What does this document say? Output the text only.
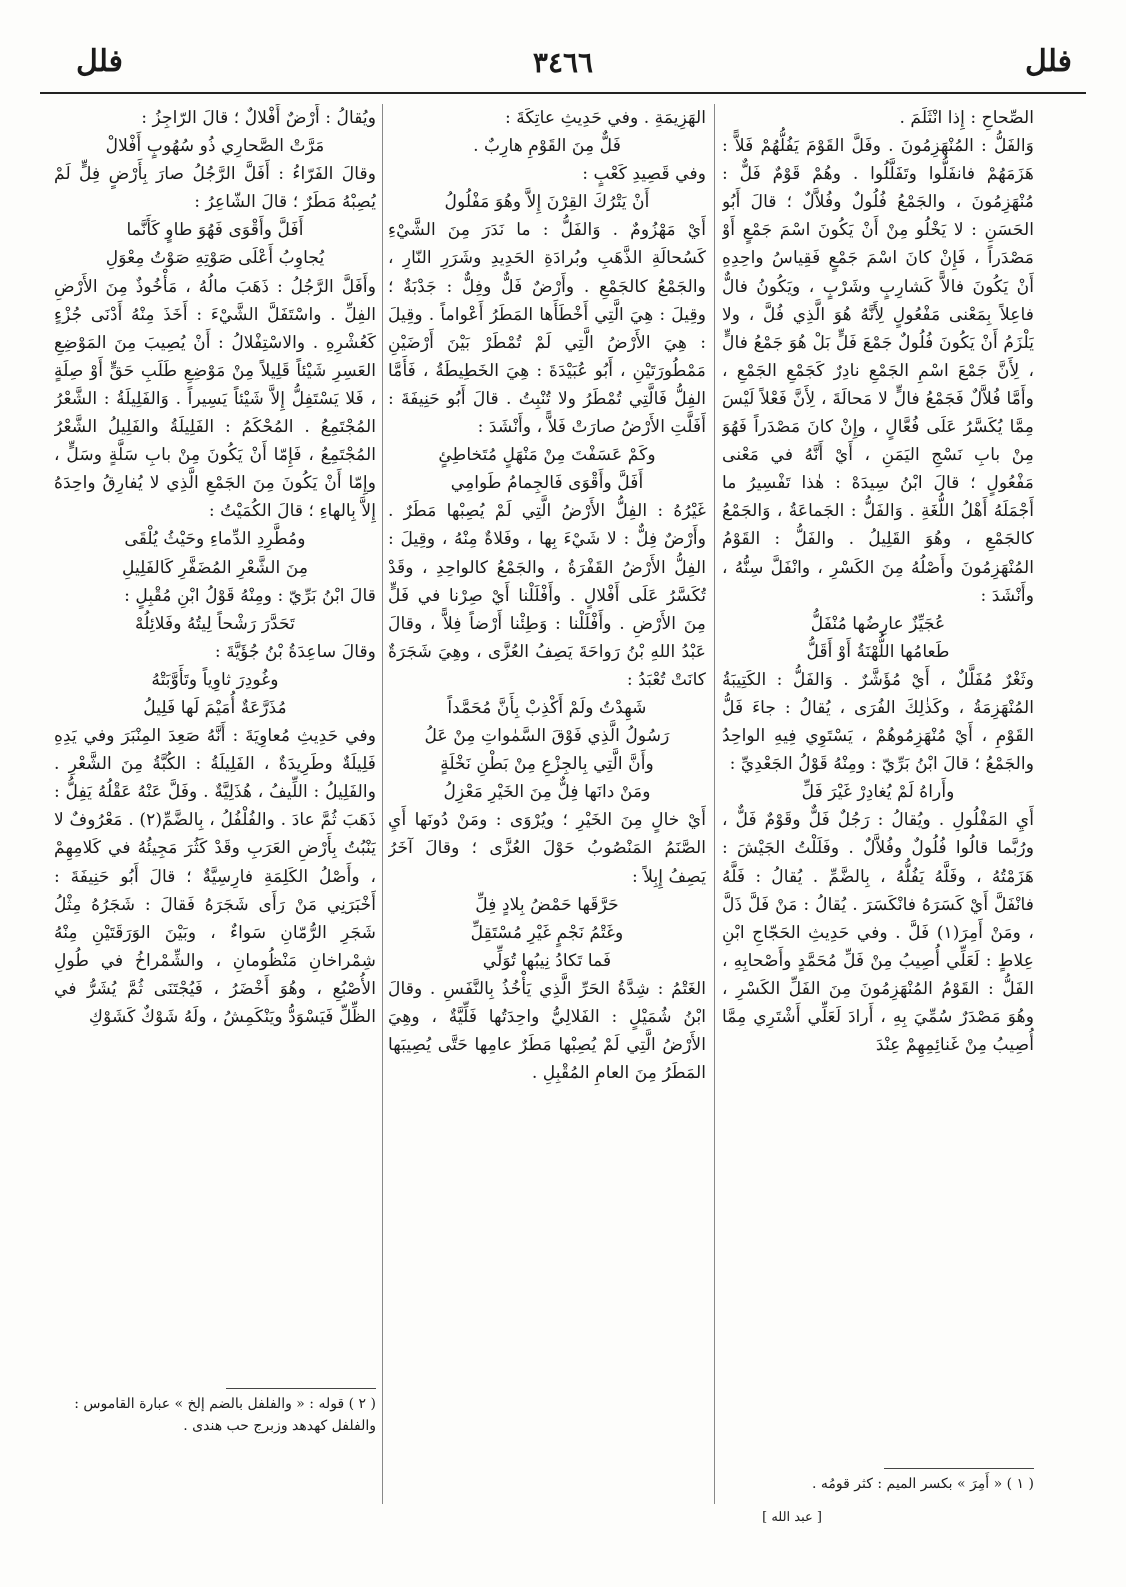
فلل
٣٤٦٦
فلل

الصِّحاحِ : إِذا انْثَلَمَ .

وَالفَلُّ : المُنْهَزِمُونَ . وفَلَّ القَوْمَ يَفُلُّهُمْ فَلاًّ : هَزَمَهُمْ فانفَلُّوا وتَفَلَّلُوا . وهُمْ قَوْمٌ فَلٌّ : مُنْهَزِمُونَ ، والجَمْعُ فُلُولٌ وفُلاَّلٌ ؛ قالَ أَبُو الحَسَنِ : لا يَخْلُو مِنْ أَنْ يَكُونَ اسْمَ جَمْعٍ أَوْ مَصْدَراً ، فَإِنْ كانَ اسْمَ جَمْعٍ فَقِياسُ واحِدِهِ أَنْ يَكُونَ فالاًّ كَشارِبٍ وشَرْبٍ ، ويَكُونُ فالٌّ فاعِلاً بِمَعْنى مَفْعُولٍ لِأَنَّهُ هُوَ الَّذِي فُلَّ ، ولا يَلْزَمُ أَنْ يَكُونَ فُلُولٌ جَمْعَ فَلٍّ بَلْ هُوَ جَمْعُ فالٍّ ، لِأَنَّ جَمْعَ اسْمِ الجَمْعِ نادِرٌ كَجَمْعِ الجَمْعِ ، وأَمَّا فُلاَّلٌ فَجَمْعُ فالٍّ لا مَحالَةَ ، لِأَنَّ فَعْلاً لَيْسَ مِمَّا يُكَسَّرُ عَلَى فُعَّالٍ ، وإِنْ كانَ مَصْدَراً فَهُوَ مِنْ بابِ نَسْجِ اليَمَنِ ، أَيْ أَنَّهُ في مَعْنى مَفْعُولٍ ؛ قالَ ابْنُ سِيدَهْ : هٰذا تَفْسِيرُ ما أَجْمَلَهُ أَهْلُ اللُّغَةِ . وَالفَلُّ : الجَماعَةُ ، وَالجَمْعُ كالجَمْعِ ، وهُوَ القَلِيلُ . والفَلُّ : القَوْمُ المُنْهَزِمُونَ وأَصْلُهُ مِنَ الكَسْرِ ، وانْفَلَّ سِنُّهُ ، وأَنْشَدَ :

عُجَيِّزٌ عارِضُها مُنْفَلُّ

طَعامُها اللُّهْنَةُ أَوْ أَقَلُّ

وثَغْرٌ مُفَلَّلٌ ، أَيْ مُؤَشَّرٌ . وَالفَلُّ : الكَتِيبَةُ المُنْهَزِمَةُ ، وكَذٰلِكَ الفُرَى ، يُقالُ : جاءَ فَلُّ القَوْمِ ، أَيْ مُنْهَزِمُوهُمْ ، يَسْتَوِي فِيهِ الواحِدُ والجَمْعُ ؛ قالَ ابْنُ بَرِّيّ : ومِنْهُ قَوْلُ الجَعْدِيِّ :

وأَراهُ لَمْ يُغادِرْ غَيْرَ فَلِّ

أَيِ المَفْلُولِ . ويُقالُ : رَجُلٌ فَلٌّ وقَوْمٌ فَلٌّ ، ورُبَّما قالُوا فُلُولٌ وفُلاَّلٌ . وفَلَلْتُ الجَيْشَ : هَزَمْتُهُ ، وفَلَّهُ يَفُلُّهُ ، بِالضَّمِّ . يُقالُ : فَلَّهُ فانْفَلَّ أَيْ كَسَرَهُ فانْكَسَرَ . يُقالُ : مَنْ فَلَّ ذَلَّ ، ومَنْ أَمِرَ(١) فَلَّ . وفي حَدِيثِ الحَجّاجِ ابْنِ عِلاطٍ : لَعَلِّي أُصِيبُ مِنْ فَلِّ مُحَمَّدٍ وأَصْحابِهِ ، الفَلُّ : القَوْمُ المُنْهَزِمُونَ مِنَ الفَلِّ الكَسْرِ ، وهُوَ مَصْدَرٌ سُمِّيَ بِهِ ، أَرادَ لَعَلِّي أَشْتَرِي مِمَّا أُصِيبُ مِنْ غَنائِمِهِمْ عِنْدَ

الهَزِيمَةِ . وفي حَدِيثِ عاتِكَةَ :

فَلٌّ مِنَ القَوْمِ هارِبٌ .

وفي قَصِيدِ كَعْبٍ :

أَنْ يَتْرُكَ القِرْنَ إِلاَّ وهُوَ مَفْلُولُ

أَيْ مَهْزُومٌ . وَالفَلُّ : ما نَدَرَ مِنَ الشَّيْءِ كَسُحالَةِ الذَّهَبِ وبُرادَةِ الحَدِيدِ وشَرَرِ النّارِ ، والجَمْعُ كالجَمْعِ . وأَرْضٌ فَلٌّ وفِلٌّ : جَدْبَةٌ ؛ وقِيلَ : هِيَ الَّتِي أَخْطَأَها المَطَرُ أَعْواماً . وقِيلَ : هِيَ الأَرْضُ الَّتِي لَمْ تُمْطَرْ بَيْنَ أَرْضَيْنِ مَمْطُورَتَيْنِ ، أَبُو عُبَيْدَةَ : هِيَ الخَطِيطَةُ ، فَأَمَّا الفِلُّ فَالَّتِي تُمْطَرُ ولا تُنْبِتُ . قالَ أَبُو حَنِيفَةَ : أَفَلَّتِ الأَرْضُ صارَتْ فَلاًّ ، وأَنْشَدَ :

وكَمْ عَسَفْتَ مِنْ مَنْهَلٍ مُتَخاطِئٍ

أَفَلَّ وأَقْوَى فَالجِمامُ طَوامِي

غَيْرُهُ : الفِلُّ الأَرْضُ الَّتِي لَمْ يُصِبْها مَطَرٌ . وأَرْضٌ فِلٌّ : لا شَيْءَ بِها ، وفَلاةٌ مِنْهُ ، وقِيلَ : الفِلُّ الأَرْضُ القَفْرَةُ ، والجَمْعُ كالواحِدِ ، وقَدْ تُكَسَّرُ عَلَى أَفْلالٍ . وأَفْلَلْنا أَيْ صِرْنا في فَلٍّ مِنَ الأَرْضِ . وأَفْلَلْنا : وَطِئْنا أَرْضاً فِلاًّ ، وقالَ عَبْدُ اللهِ بْنُ رَواحَةَ يَصِفُ العُزَّى ، وهِيَ شَجَرَةٌ كانَتْ تُعْبَدُ :

شَهِدْتُ ولَمْ أَكْذِبْ بِأَنَّ مُحَمَّداً

رَسُولُ الَّذِي فَوْقَ السَّمٰواتِ مِنْ عَلُ

وأَنَّ الَّتِي بِالجِزْعِ مِنْ بَطْنِ نَخْلَةٍ

ومَنْ دانَها فِلٌّ مِنَ الخَيْرِ مَعْزِلُ

أَيْ خالٍ مِنَ الخَيْرِ ؛ ويُرْوَى : ومَنْ دُونَها أَيِ الصَّنَمُ المَنْصُوبُ حَوْلَ العُزَّى ؛ وقالَ آخَرُ يَصِفُ إِبِلاً :

حَرَّقَها حَمْضُ بِلادٍ فِلِّ

وغَتْمُ نَجْمٍ غَيْرِ مُسْتَقِلِّ

فَما تَكادُ نِيبُها تُوَلِّي

الغَتْمُ : شِدَّةُ الحَرِّ الَّذِي يَأْخُذُ بِالنَّفَسِ . وقالَ ابْنُ شُمَيْلٍ : الفَلالِيُّ واحِدَتُها فَلِّيَّةٌ ، وهِيَ الأَرْضُ الَّتِي لَمْ يُصِبْها مَطَرٌ عامِها حَتَّى يُصِيبَها المَطَرُ مِنَ العامِ المُقْبِلِ .

ويُقالُ : أَرْضٌ أَفْلالٌ ؛ قالَ الرّاجِزُ :

مَرَّتْ الصَّحارِي ذُو سُهُوبٍ أَفْلالْ

وقالَ الفَرّاءُ : أَفَلَّ الرَّجُلُ صارَ بِأَرْضٍ فِلٍّ لَمْ يُصِبْهُ مَطَرٌ ؛ قالَ الشّاعِرُ :

أَفَلَّ وأَقْوَى فَهُوَ طاوٍ كَأَنَّما

يُجاوِبُ أَعْلَى صَوْتِهِ صَوْتُ مِعْوَلِ

وأَفَلَّ الرَّجُلُ : ذَهَبَ مالُهُ ، مَأْخُوذٌ مِنَ الأَرْضِ الفِلِّ . واسْتَفَلَّ الشَّيْءَ : أَخَذَ مِنْهُ أَدْنَى جُزْءٍ كَعُشْرِهِ . والاسْتِفْلالُ : أَنْ يُصِيبَ مِنَ المَوْضِعِ العَسِرِ شَيْئاً قَلِيلاً مِنْ مَوْضِعِ طَلَبِ حَقٍّ أَوْ صِلَةٍ ، فَلا يَسْتَفِلُّ إِلاَّ شَيْئاً يَسِيراً . وَالفَلِيلَةُ : الشَّعْرُ المُجْتَمِعُ . المُحْكَمُ : الفَلِيلَةُ والفَلِيلُ الشَّعْرُ المُجْتَمِعُ ، فَإِمّا أَنْ يَكُونَ مِنْ بابِ سَلَّةٍ وسَلٍّ ، وإِمّا أَنْ يَكُونَ مِنَ الجَمْعِ الَّذِي لا يُفارِقُ واحِدَهُ إِلاَّ بِالهاءِ ؛ قالَ الكُمَيْتُ :

ومُطَّرِدِ الدِّماءِ وحَيْثُ يُلْقَى

مِنَ الشَّعْرِ المُضَفَّرِ كَالفَلِيلِ

قالَ ابْنُ بَرِّيّ : ومِنْهُ قَوْلُ ابْنِ مُقْبِلٍ :

تَحَدَّرَ رَشْحاً لِيتُهُ وفَلائِلُهْ

وقالَ ساعِدَةُ بْنُ جُؤَيَّةَ :

وغُودِرَ ثاوِياً وتَأَوَّبَتْهُ

مُذَرَّعَةٌ أُمَيْمَ لَها فَلِيلُ

وفي حَدِيثِ مُعاوِيَةَ : أَنَّهُ صَعِدَ المِنْبَرَ وفي يَدِهِ فَلِيلَةٌ وطَرِيدَةٌ ، الفَلِيلَةُ : الكُبَّةُ مِنَ الشَّعْرِ . والفَلِيلُ : اللِّيفُ ، هُذَلِيَّةٌ . وفَلَّ عَنْهُ عَقْلُهُ يَفِلُّ : ذَهَبَ ثُمَّ عادَ . والفُلْفُلُ ، بِالضَّمِّ(٢) . مَعْرُوفٌ لا يَنْبُتُ بِأَرْضِ العَرَبِ وقَدْ كَثُرَ مَجِيئُهُ في كَلامِهِمْ ، وأَصْلُ الكَلِمَةِ فارِسِيَّةٌ ؛ قالَ أَبُو حَنِيفَةَ : أَخْبَرَنِي مَنْ رَأَى شَجَرَهُ فَقالَ : شَجَرُهُ مِثْلُ شَجَرِ الرُّمّانِ سَواءٌ ، وبَيْنَ الوَرَقَتَيْنِ مِنْهُ شِمْراخانِ مَنْظُومانِ ، والشِّمْراخُ في طُولِ الأُصْبُعِ ، وهُوَ أَخْضَرُ ، فَيُجْتَنَى ثُمَّ يُشَرُّ في الظِّلِّ فَيَسْوَدُّ ويَنْكَمِشُ ، ولَهُ شَوْكٌ كَشَوْكِ

( ١ ) « أَمِرَ » بكسر الميم : كثر قومُه .
[ عبد الله ]
( ٢ ) قوله : « والفلفل بالضم إلخ » عبارة القاموس : والفلفل كهدهد وزبرج حب هندى .
